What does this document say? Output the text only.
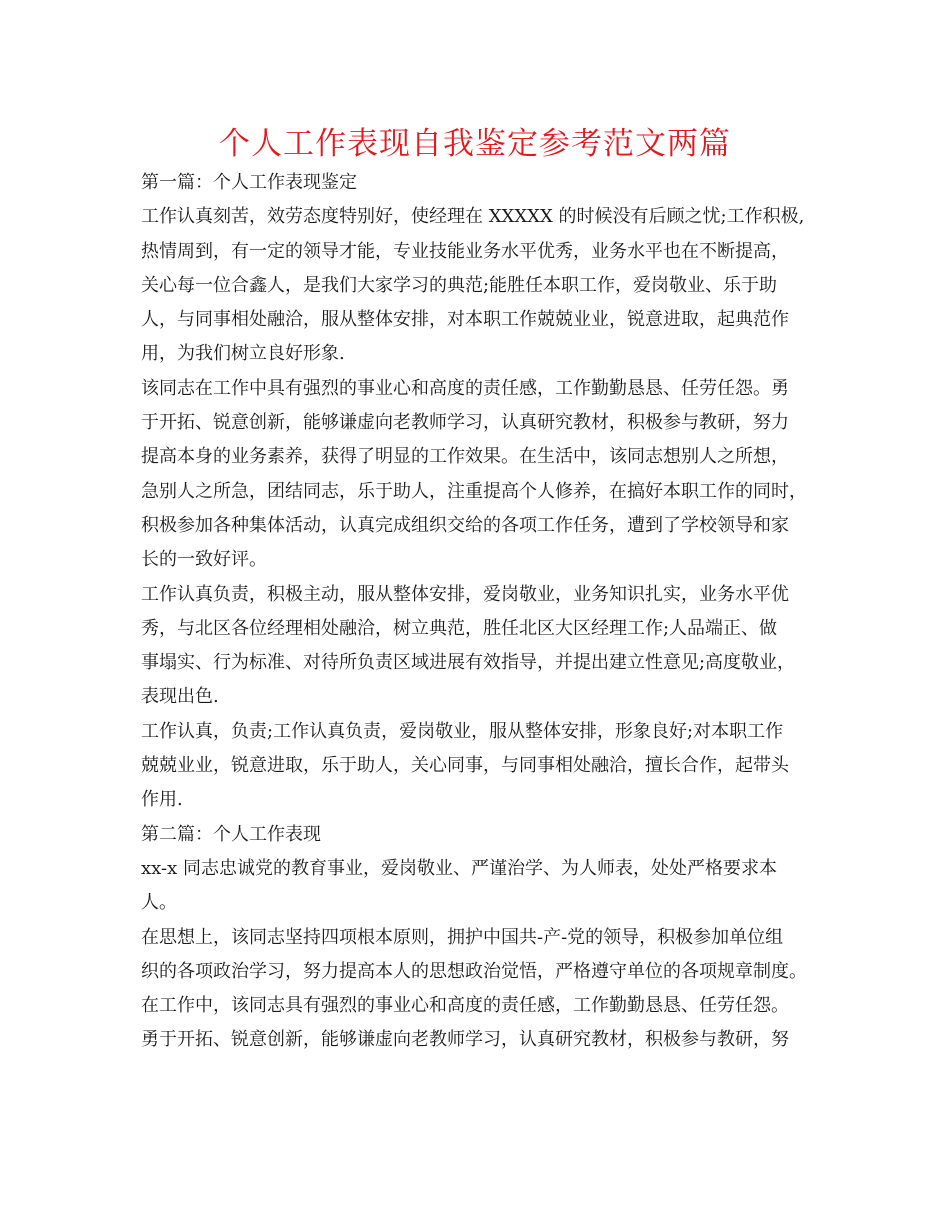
个人工作表现自我鉴定参考范文两篇
第一篇：个人工作表现鉴定
工作认真刻苦，效劳态度特别好，使经理在 XXXXX 的时候没有后顾之忧;工作积极,
热情周到，有一定的领导才能，专业技能业务水平优秀，业务水平也在不断提高，
关心每一位合鑫人，是我们大家学习的典范;能胜任本职工作，爱岗敬业、乐于助
人，与同事相处融洽，服从整体安排，对本职工作兢兢业业，锐意进取，起典范作
用，为我们树立良好形象.
该同志在工作中具有强烈的事业心和高度的责任感，工作勤勤恳恳、任劳任怨。勇
于开拓、锐意创新，能够谦虚向老教师学习，认真研究教材，积极参与教研，努力
提高本身的业务素养，获得了明显的工作效果。在生活中，该同志想别人之所想，
急别人之所急，团结同志，乐于助人，注重提高个人修养，在搞好本职工作的同时，
积极参加各种集体活动，认真完成组织交给的各项工作任务，遭到了学校领导和家
长的一致好评。
工作认真负责，积极主动，服从整体安排，爱岗敬业，业务知识扎实，业务水平优
秀，与北区各位经理相处融洽，树立典范，胜任北区大区经理工作;人品端正、做
事塌实、行为标准、对待所负责区域进展有效指导，并提出建立性意见;高度敬业，
表现出色.
工作认真，负责;工作认真负责，爱岗敬业，服从整体安排，形象良好;对本职工作
兢兢业业，锐意进取，乐于助人，关心同事，与同事相处融洽，擅长合作，起带头
作用.
第二篇：个人工作表现
xx-x 同志忠诚党的教育事业，爱岗敬业、严谨治学、为人师表，处处严格要求本
人。
在思想上，该同志坚持四项根本原则，拥护中国共-产-党的领导，积极参加单位组
织的各项政治学习，努力提高本人的思想政治觉悟，严格遵守单位的各项规章制度。
在工作中，该同志具有强烈的事业心和高度的责任感，工作勤勤恳恳、任劳任怨。
勇于开拓、锐意创新，能够谦虚向老教师学习，认真研究教材，积极参与教研，努
